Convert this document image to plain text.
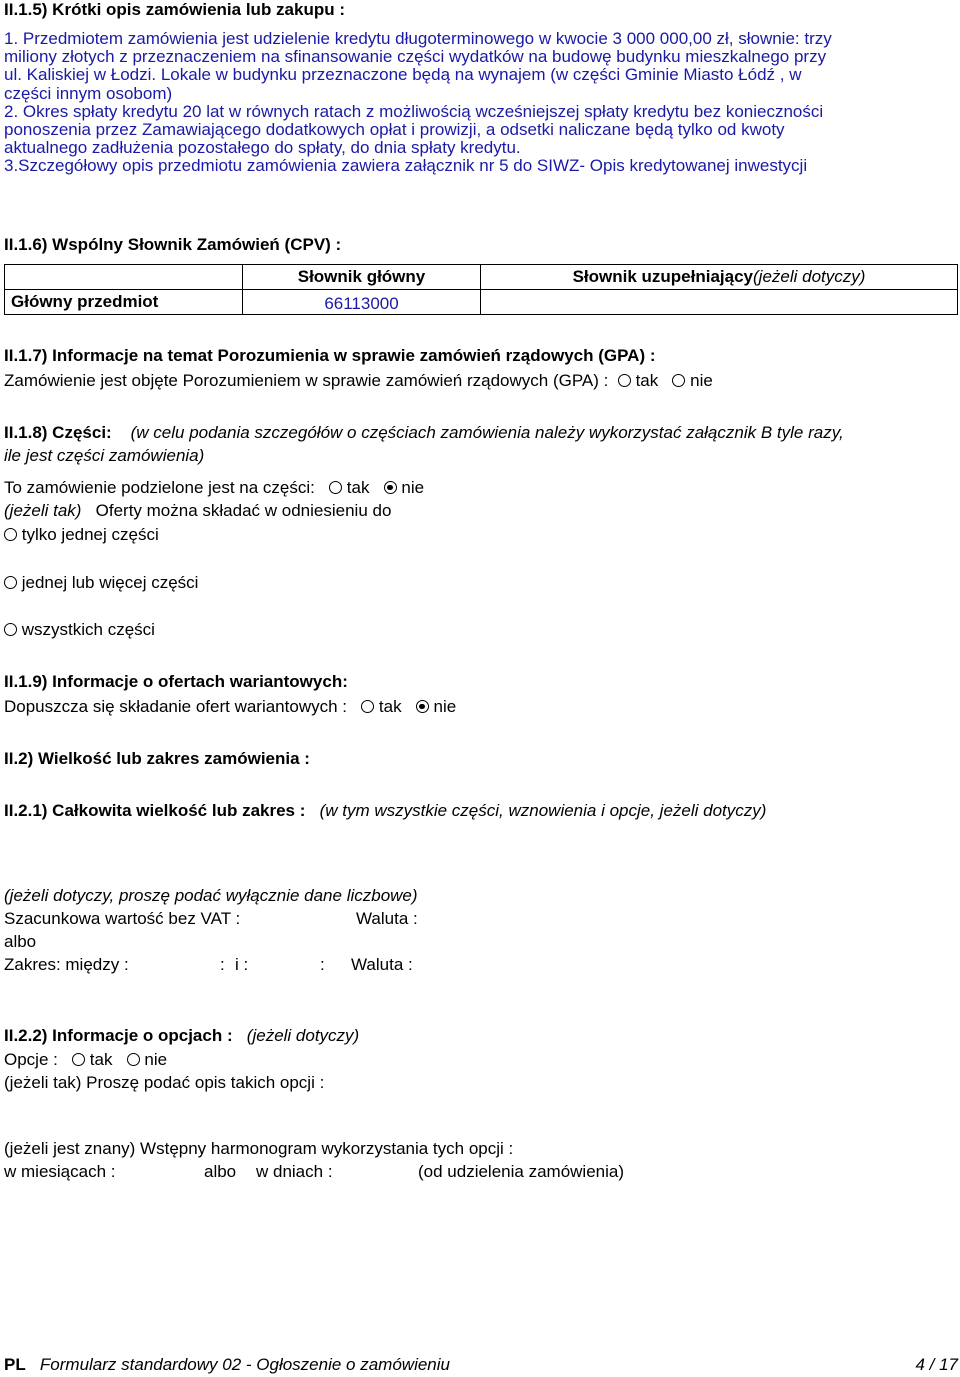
II.1.5) Krótki opis zamówienia lub zakupu :
1. Przedmiotem zamówienia jest udzielenie kredytu długoterminowego w kwocie 3 000 000,00 zł, słownie: trzy
miliony złotych z przeznaczeniem na sfinansowanie części wydatków na budowę budynku mieszkalnego przy
ul. Kaliskiej w Łodzi. Lokale w budynku przeznaczone będą na wynajem (w części Gminie Miasto Łódź , w
części innym osobom)
2. Okres spłaty kredytu 20 lat w równych ratach z możliwością wcześniejszej spłaty kredytu bez konieczności
ponoszenia przez Zamawiającego dodatkowych opłat i prowizji, a odsetki naliczane będą tylko od kwoty
aktualnego zadłużenia pozostałego do spłaty, do dnia spłaty kredytu.
3.Szczegółowy opis przedmiotu zamówienia zawiera załącznik nr 5 do SIWZ- Opis kredytowanej inwestycji
II.1.6) Wspólny Słownik Zamówień (CPV) :
	Słownik główny	Słownik uzupełniający(jeżeli dotyczy)
Główny przedmiot	66113000	
II.1.7) Informacje na temat Porozumienia w sprawie zamówień rządowych (GPA) :
Zamówienie jest objęte Porozumieniem w sprawie zamówień rządowych (GPA) : tak nie
II.1.8) Części: (w celu podania szczegółów o częściach zamówienia należy wykorzystać załącznik B tyle razy,
ile jest części zamówienia)
To zamówienie podzielone jest na części: tak nie
(jeżeli tak) Oferty można składać w odniesieniu do
tylko jednej części
jednej lub więcej części
wszystkich części
II.1.9) Informacje o ofertach wariantowych:
Dopuszcza się składanie ofert wariantowych : tak nie
II.2) Wielkość lub zakres zamówienia :
II.2.1) Całkowita wielkość lub zakres : (w tym wszystkie części, wznowienia i opcje, jeżeli dotyczy)
(jeżeli dotyczy, proszę podać wyłącznie dane liczbowe)
Szacunkowa wartość bez VAT :	Waluta :
albo
Zakres: między :	: i :	: Waluta :
II.2.2) Informacje o opcjach : (jeżeli dotyczy)
Opcje : tak nie
(jeżeli tak) Proszę podać opis takich opcji :
(jeżeli jest znany) Wstępny harmonogram wykorzystania tych opcji :
w miesiącach :	albo w dniach :	(od udzielenia zamówienia)
PL Formularz standardowy 02 - Ogłoszenie o zamówieniu	4 / 17
